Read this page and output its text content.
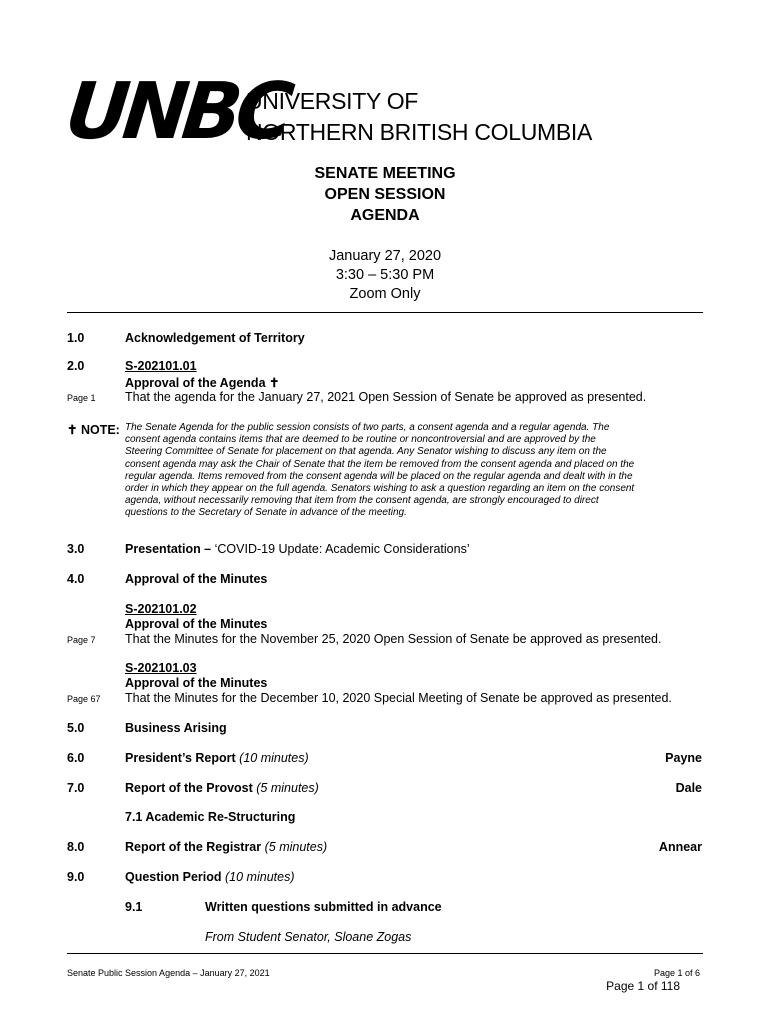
UNBC
UNIVERSITY OF
NORTHERN BRITISH COLUMBIA
SENATE MEETING
OPEN SESSION
AGENDA
January 27, 2020
3:30 – 5:30 PM
Zoom Only
1.0	Acknowledgement of Territory
2.0	S-202101.01
Approval of the Agenda ✝
Page 1 That the agenda for the January 27, 2021 Open Session of Senate be approved as presented.
✝ NOTE: The Senate Agenda for the public session consists of two parts, a consent agenda and a regular agenda. The
consent agenda contains items that are deemed to be routine or noncontroversial and are approved by the
Steering Committee of Senate for placement on that agenda. Any Senator wishing to discuss any item on the
consent agenda may ask the Chair of Senate that the item be removed from the consent agenda and placed on the
regular agenda. Items removed from the consent agenda will be placed on the regular agenda and dealt with in the
order in which they appear on the full agenda. Senators wishing to ask a question regarding an item on the consent
agenda, without necessarily removing that item from the consent agenda, are strongly encouraged to direct
questions to the Secretary of Senate in advance of the meeting.
3.0	Presentation – ‘COVID-19 Update: Academic Considerations’
4.0	Approval of the Minutes
S-202101.02
Approval of the Minutes
Page 7 That the Minutes for the November 25, 2020 Open Session of Senate be approved as presented.
S-202101.03
Approval of the Minutes
Page 67 That the Minutes for the December 10, 2020 Special Meeting of Senate be approved as presented.
5.0	Business Arising
6.0	President’s Report (10 minutes)	Payne
7.0	Report of the Provost (5 minutes)	Dale
7.1 Academic Re-Structuring
8.0	Report of the Registrar (5 minutes)	Annear
9.0	Question Period (10 minutes)
9.1	Written questions submitted in advance
From Student Senator, Sloane Zogas
Senate Public Session Agenda – January 27, 2021	Page 1 of 6
Page 1 of 118
